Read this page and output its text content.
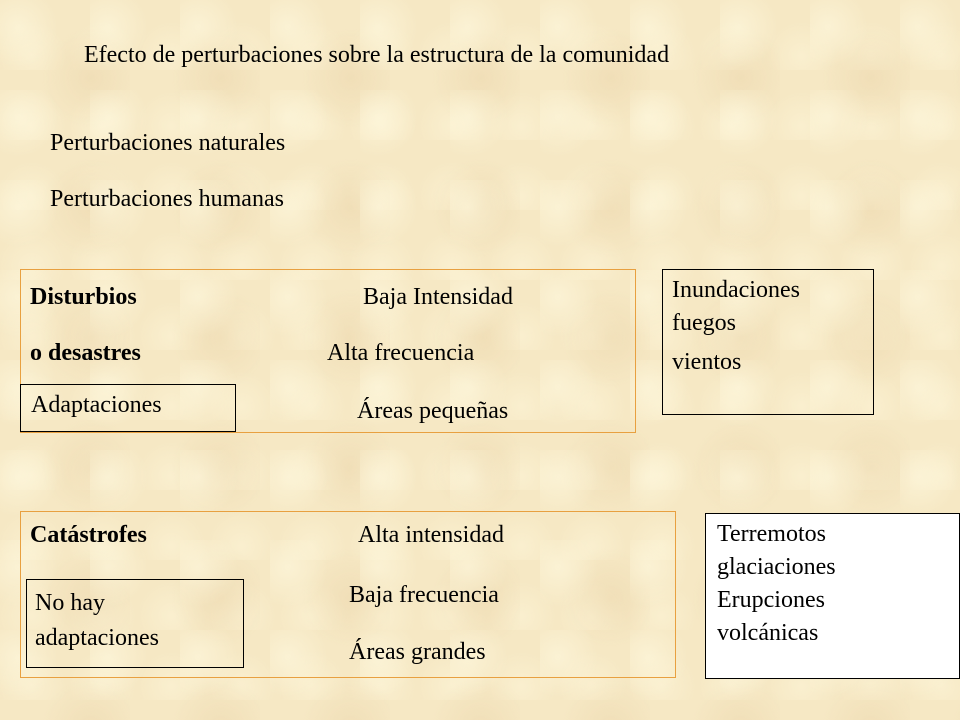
Efecto de perturbaciones sobre la estructura de la comunidad
Perturbaciones naturales
Perturbaciones humanas
Disturbios
o desastres
Baja Intensidad
Alta frecuencia
Áreas pequeñas
Adaptaciones
Inundaciones
fuegos
vientos
Catástrofes	Alta intensidad
Baja frecuencia
Áreas grandes
No hay
adaptaciones
Terremotos
glaciaciones
Erupciones
volcánicas
